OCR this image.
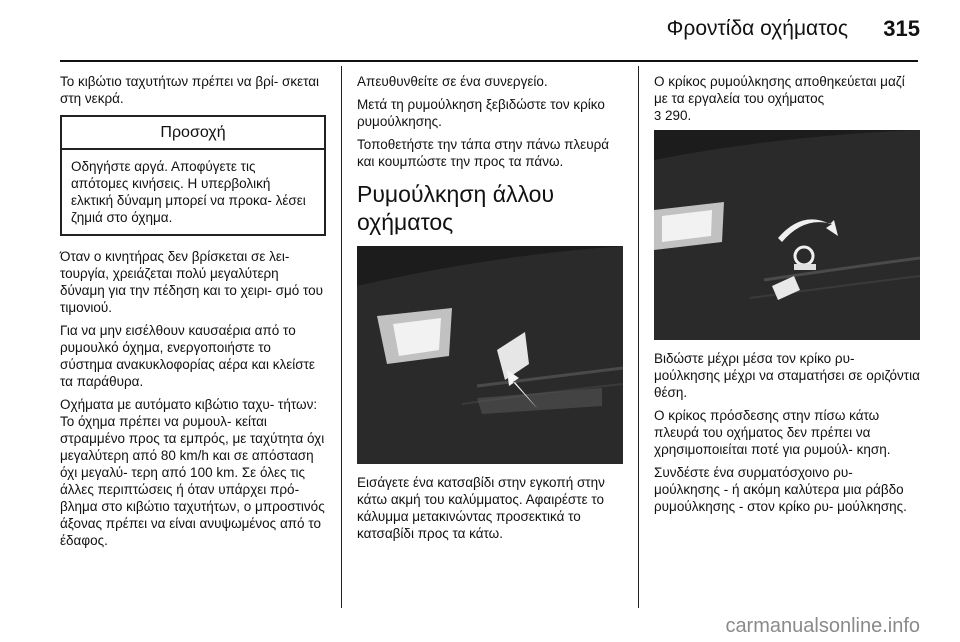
Φροντίδα οχήματος 315

Το κιβώτιο ταχυτήτων πρέπει να βρί- σκεται στη νεκρά.

Προσοχή
Οδηγήστε αργά. Αποφύγετε τις απότομες κινήσεις. Η υπερβολική ελκτική δύναμη μπορεί να προκα- λέσει ζημιά στο όχημα.

Όταν ο κινητήρας δεν βρίσκεται σε λει- τουργία, χρειάζεται πολύ μεγαλύτερη δύναμη για την πέδηση και το χειρι- σμό του τιμονιού.

Για να μην εισέλθουν καυσαέρια από το ρυμουλκό όχημα, ενεργοποιήστε το σύστημα ανακυκλοφορίας αέρα και κλείστε τα παράθυρα.

Οχήματα με αυτόματο κιβώτιο ταχυ- τήτων: Το όχημα πρέπει να ρυμουλ- κείται στραμμένο προς τα εμπρός, με ταχύτητα όχι μεγαλύτερη από 80 km/h και σε απόσταση όχι μεγαλύ- τερη από 100 km. Σε όλες τις άλλες περιπτώσεις ή όταν υπάρχει πρό- βλημα στο κιβώτιο ταχυτήτων, ο μπροστινός άξονας πρέπει να είναι ανυψωμένος από το έδαφος.

Απευθυνθείτε σε ένα συνεργείο.

Μετά τη ρυμούλκηση ξεβιδώστε τον κρίκο ρυμούλκησης.

Τοποθετήστε την τάπα στην πάνω πλευρά και κουμπώστε την προς τα πάνω.

Ρυμούλκηση άλλου οχήματος

Εισάγετε ένα κατσαβίδι στην εγκοπή στην κάτω ακμή του καλύμματος. Αφαιρέστε το κάλυμμα μετακινώντας προσεκτικά το κατσαβίδι προς τα κάτω.

Ο κρίκος ρυμούλκησης αποθηκεύεται μαζί με τα εργαλεία του οχήματος
3 290.

Βιδώστε μέχρι μέσα τον κρίκο ρυ- μούλκησης μέχρι να σταματήσει σε οριζόντια θέση.

Ο κρίκος πρόσδεσης στην πίσω κάτω πλευρά του οχήματος δεν πρέπει να χρησιμοποιείται ποτέ για ρυμούλ- κηση.

Συνδέστε ένα συρματόσχοινο ρυ- μούλκησης - ή ακόμη καλύτερα μια ράβδο ρυμούλκησης - στον κρίκο ρυ- μούλκησης.

carmanualsonline.info
